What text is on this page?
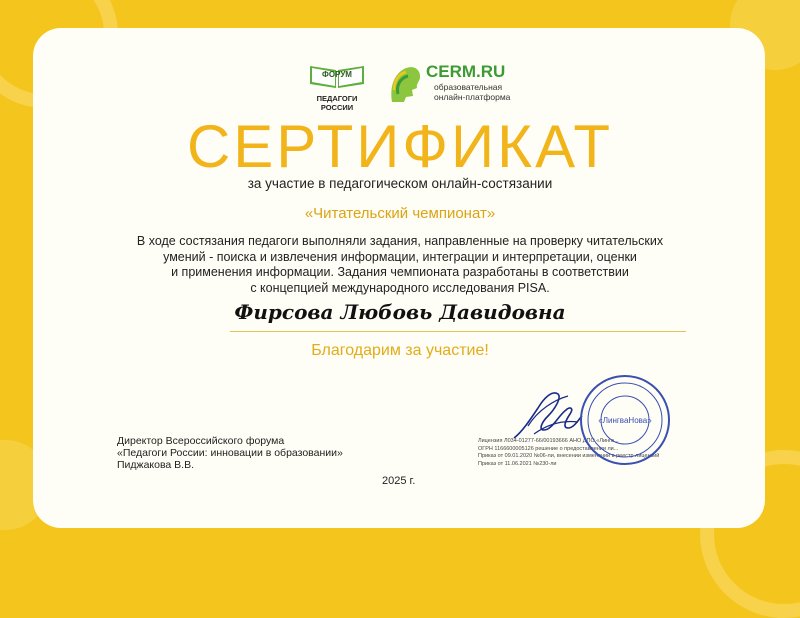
ФОРУМ
ПЕДАГОГИ РОССИИ
CERM.RU
образовательная
онлайн-платформа
СЕРТИФИКАТ
за участие в педагогическом онлайн-состязании
«Читательский чемпионат»
В ходе состязания педагоги выполняли задания, направленные на проверку читательских
умений - поиска и извлечения информации, интеграции и интерпретации, оценки
и применения информации. Задания чемпионата разработаны в соответствии
с концепцией международного исследования PISA.
Фирсова Любовь Давидовна
Благодарим за участие!
Директор Всероссийского форума
«Педагоги России: инновации в образовании»
Пиджакова В.В.
2025 г.
Лицензия Л034-01277-66/00193666 АНО ДПО «Линга...
ОГРН 1166600005126 решение о предоставлении ли...
Приказ от 09.01.2020 №06-ли, внесении изменений в реестр лицензий
Приказ от 11.06.2021 №230-ли
«ЛингваНова»
